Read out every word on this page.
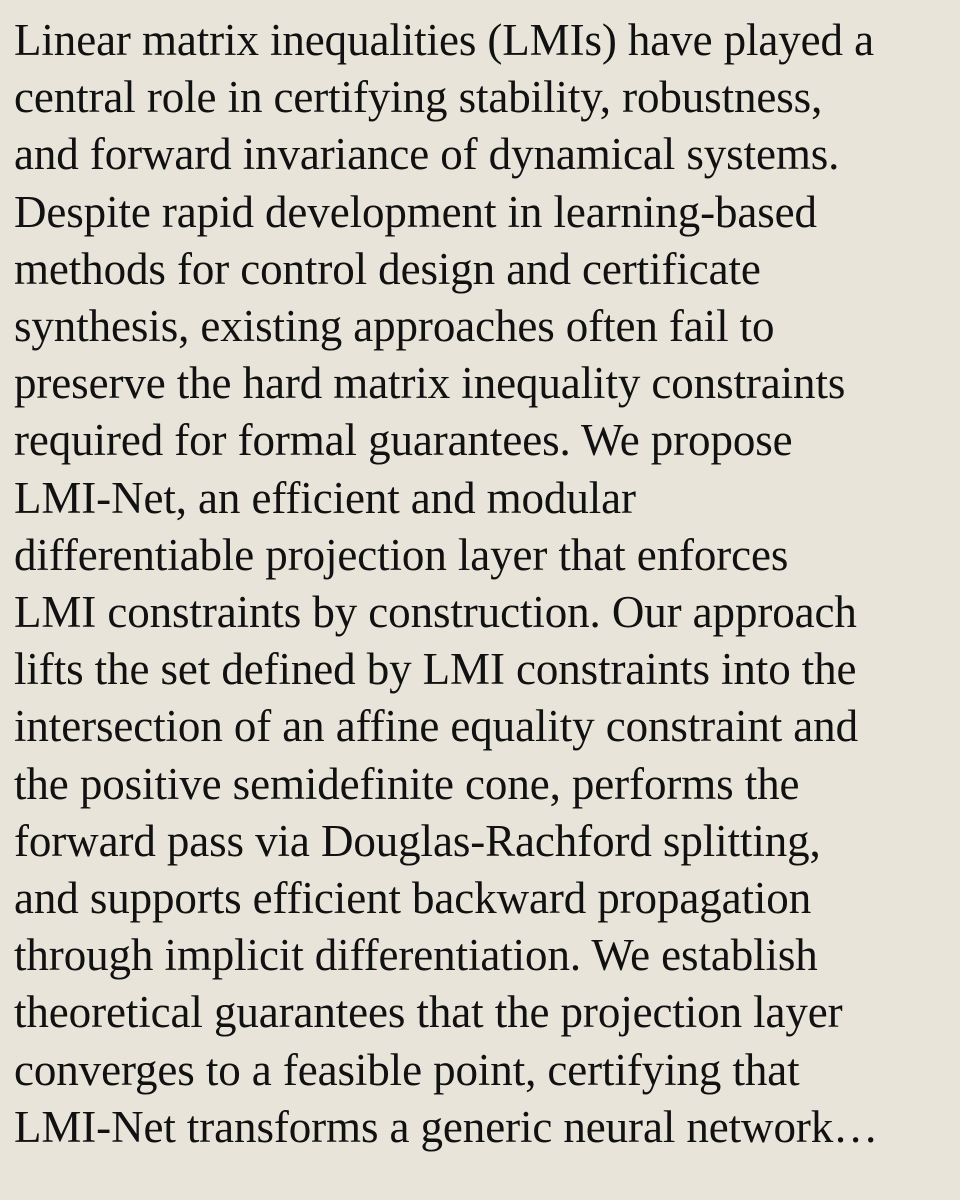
Linear matrix inequalities (LMIs) have played a
central role in certifying stability, robustness,
and forward invariance of dynamical systems.
Despite rapid development in learning-based
methods for control design and certificate
synthesis, existing approaches often fail to
preserve the hard matrix inequality constraints
required for formal guarantees. We propose
LMI-Net, an efficient and modular
differentiable projection layer that enforces
LMI constraints by construction. Our approach
lifts the set defined by LMI constraints into the
intersection of an affine equality constraint and
the positive semidefinite cone, performs the
forward pass via Douglas-Rachford splitting,
and supports efficient backward propagation
through implicit differentiation. We establish
theoretical guarantees that the projection layer
converges to a feasible point, certifying that
LMI-Net transforms a generic neural network…
